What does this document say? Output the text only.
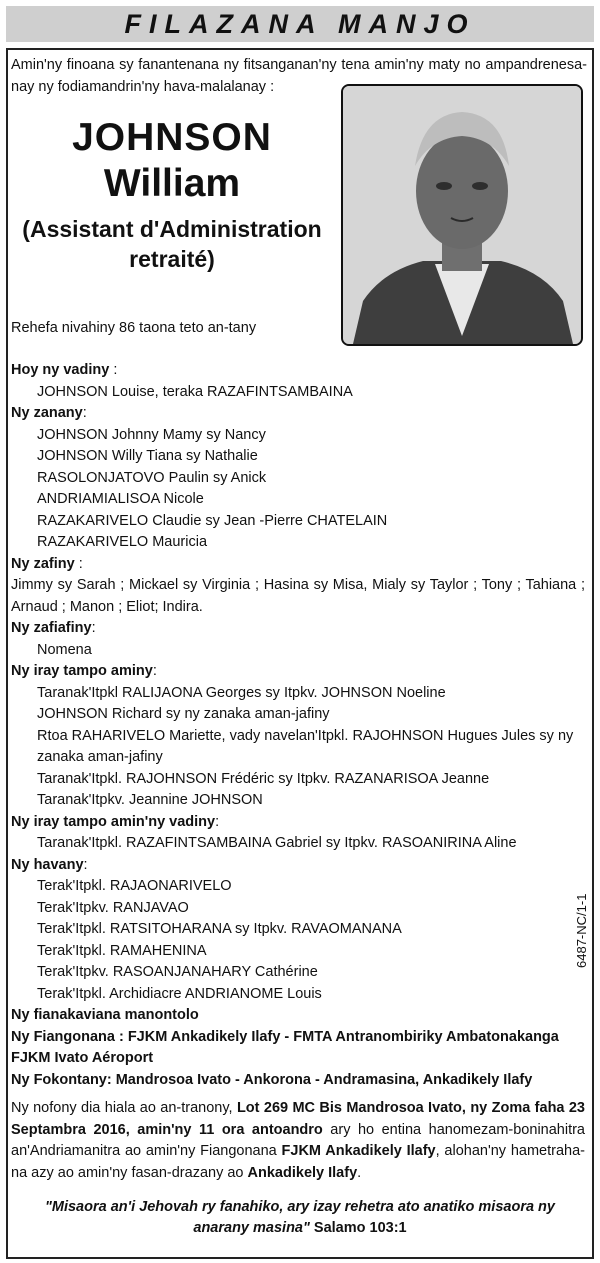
FILAZANA MANJO
Amin'ny finoana sy fanantenana ny fitsanganan'ny tena amin'ny maty no ampandrenesa-nay ny fodiamandrin'ny hava-malalanay :
JOHNSON
William
(Assistant d'Administration retraité)
Rehefa nivahiny 86 taona teto an-tany
Hoy ny vadiny :
JOHNSON Louise, teraka RAZAFINTSAMBAINA
Ny zanany:
JOHNSON Johnny Mamy sy Nancy
JOHNSON Willy Tiana sy Nathalie
RASOLONJATOVO Paulin sy Anick
ANDRIAMIALISOA Nicole
RAZAKARIVELO Claudie sy Jean -Pierre CHATELAIN
RAZAKARIVELO Mauricia
Ny zafiny :
Jimmy sy Sarah ; Mickael sy Virginia ; Hasina sy Misa, Mialy sy Taylor ; Tony ; Tahiana ; Arnaud ; Manon ; Eliot; Indira.
Ny zafiafiny:
Nomena
Ny iray tampo aminy:
Taranak'Itpkl RALIJAONA Georges sy Itpkv. JOHNSON Noeline
JOHNSON Richard sy ny zanaka aman-jafiny
Rtoa RAHARIVELO Mariette, vady navelan'Itpkl. RAJOHNSON Hugues Jules sy ny zanaka aman-jafiny
Taranak'Itpkl. RAJOHNSON Frédéric sy Itpkv. RAZANARISOA Jeanne
Taranak'Itpkv. Jeannine JOHNSON
Ny iray tampo amin'ny vadiny:
Taranak'Itpkl. RAZAFINTSAMBAINA Gabriel sy Itpkv. RASOANIRINA Aline
Ny havany:
Terak'Itpkl. RAJAONARIVELO
Terak'Itpkv. RANJAVAO
Terak'Itpkl. RATSITOHARANA sy Itpkv. RAVAOMANANA
Terak'Itpkl. RAMAHENINA
Terak'Itpkv. RASOANJANAHARY Cathérine
Terak'Itpkl. Archidiacre ANDRIANOME Louis
Ny fianakaviana manontolo
Ny Fiangonana : FJKM Ankadikely Ilafy - FMTA Antranombiriky Ambatonakanga FJKM Ivato Aéroport
Ny Fokontany: Mandrosoa Ivato - Ankorona - Andramasina, Ankadikely Ilafy
Ny nofony dia hiala ao an-tranony, Lot 269 MC Bis Mandrosoa Ivato, ny Zoma faha 23 Septambra 2016, amin'ny 11 ora antoandro ary ho entina hanomezam-boninahitra an'Andriamanitra ao amin'ny Fiangonana FJKM Ankadikely Ilafy, alohan'ny hametraha-na azy ao amin'ny fasan-drazany ao Ankadikely Ilafy.
"Misaora an'i Jehovah ry fanahiko, ary izay rehetra ato anatiko misaora ny anarany masina" Salamo 103:1
6487-NC/1-1
